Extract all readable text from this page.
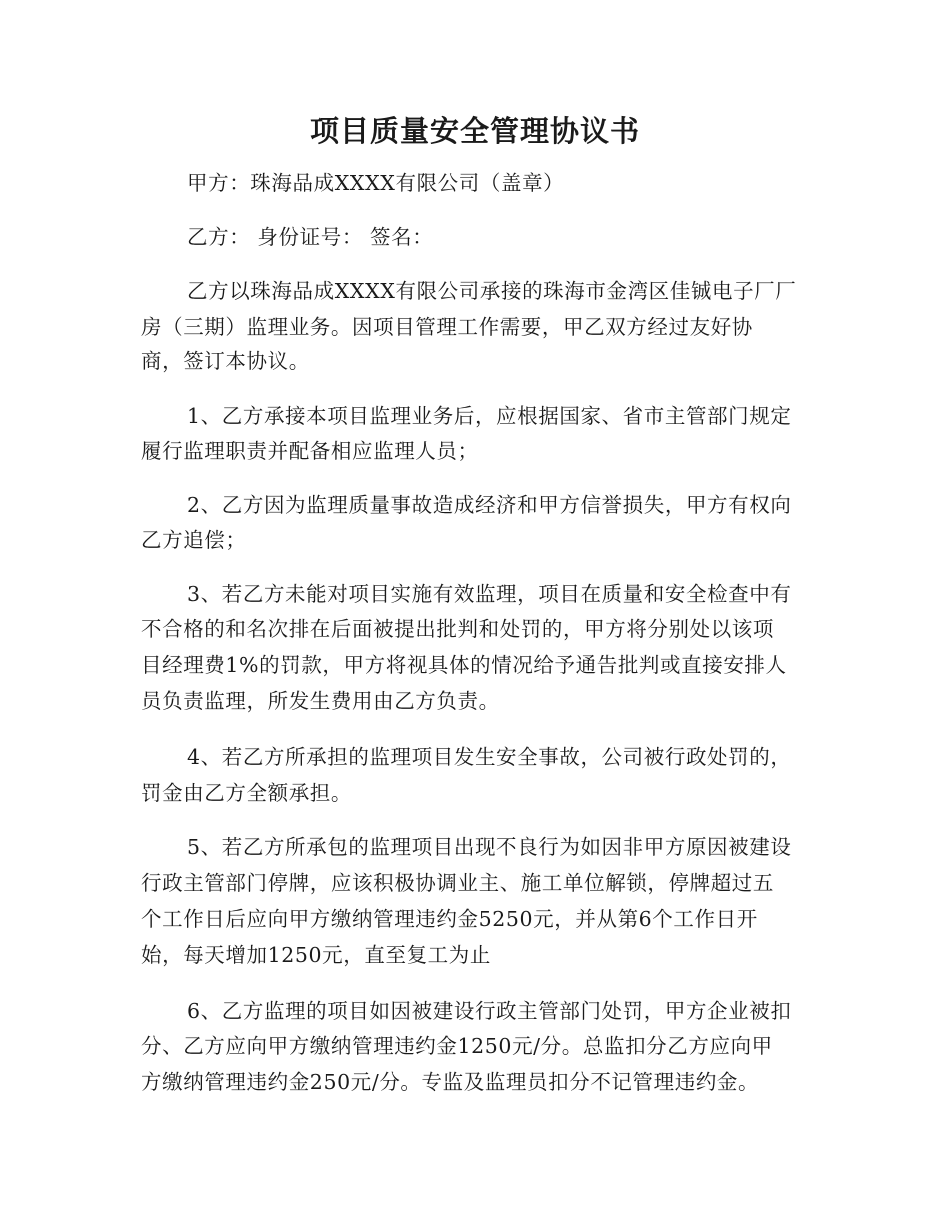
项目质量安全管理协议书
甲方：珠海品成XXXX有限公司（盖章）
乙方： 身份证号： 签名：
乙方以珠海品成XXXX有限公司承接的珠海市金湾区佳铖电子厂厂
房（三期）监理业务。因项目管理工作需要，甲乙双方经过友好协
商，签订本协议。
1、乙方承接本项目监理业务后，应根据国家、省市主管部门规定
履行监理职责并配备相应监理人员；
2、乙方因为监理质量事故造成经济和甲方信誉损失，甲方有权向
乙方追偿；
3、若乙方未能对项目实施有效监理，项目在质量和安全检查中有
不合格的和名次排在后面被提出批判和处罚的，甲方将分别处以该项
目经理费1%的罚款，甲方将视具体的情况给予通告批判或直接安排人
员负责监理，所发生费用由乙方负责。
4、若乙方所承担的监理项目发生安全事故，公司被行政处罚的，
罚金由乙方全额承担。
5、若乙方所承包的监理项目出现不良行为如因非甲方原因被建设
行政主管部门停牌，应该积极协调业主、施工单位解锁，停牌超过五
个工作日后应向甲方缴纳管理违约金5250元，并从第6个工作日开
始，每天增加1250元，直至复工为止
6、乙方监理的项目如因被建设行政主管部门处罚，甲方企业被扣
分、乙方应向甲方缴纳管理违约金1250元/分。总监扣分乙方应向甲
方缴纳管理违约金250元/分。专监及监理员扣分不记管理违约金。
